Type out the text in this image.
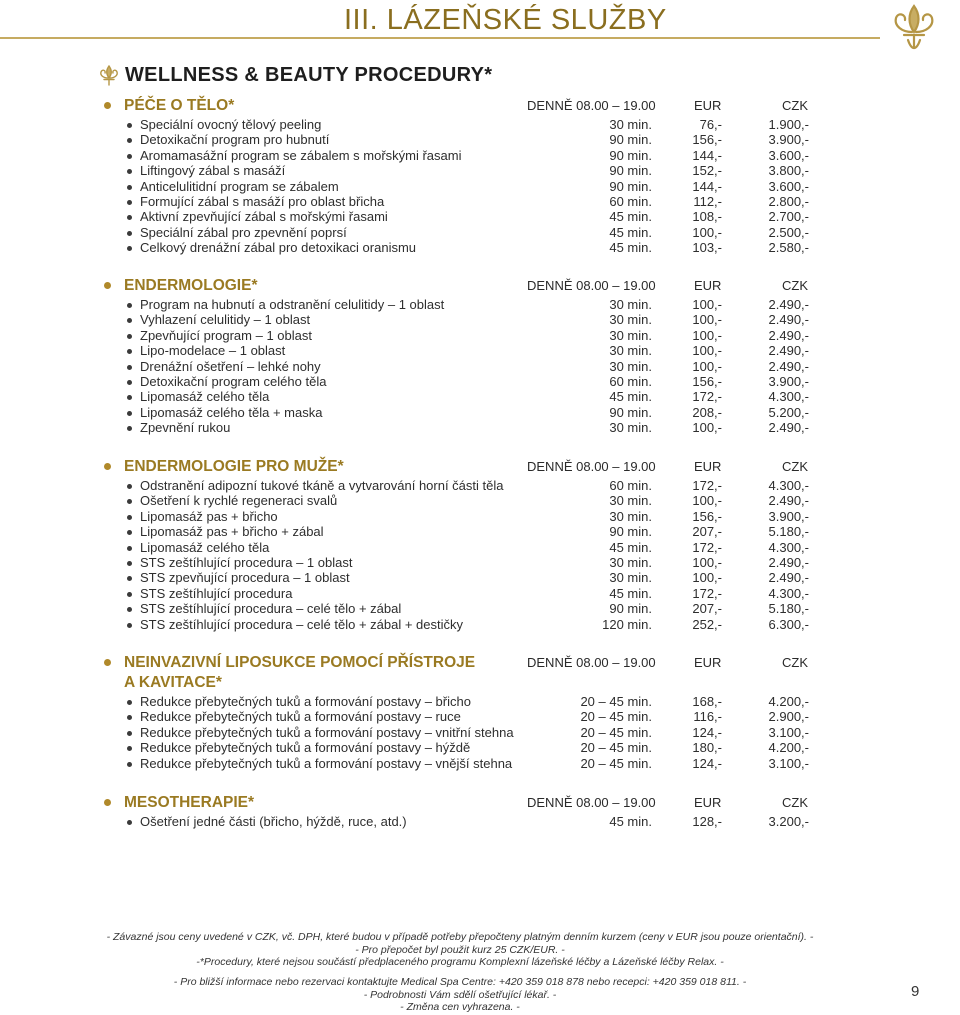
III. LÁZEŇSKÉ SLUŽBY
WELLNESS & BEAUTY PROCEDURY*
PÉČE O TĚLO*	DENNĚ 08.00 – 19.00	EUR	CZK
Speciální ovocný tělový peeling	30 min.	76,-	1.900,-
Detoxikační program pro hubnutí	90 min.	156,-	3.900,-
Aromamasážní program se zábalem s mořskými řasami	90 min.	144,-	3.600,-
Liftingový zábal s masáží	90 min.	152,-	3.800,-
Anticelulitidní program se zábalem	90 min.	144,-	3.600,-
Formující zábal s masáží pro oblast břicha	60 min.	112,-	2.800,-
Aktivní zpevňující zábal s mořskými řasami	45 min.	108,-	2.700,-
Speciální zábal pro zpevnění poprsí	45 min.	100,-	2.500,-
Celkový drenážní zábal pro detoxikaci oranismu	45 min.	103,-	2.580,-
ENDERMOLOGIE*	DENNĚ 08.00 – 19.00	EUR	CZK
Program na hubnutí a odstranění celulitidy – 1 oblast	30 min.	100,-	2.490,-
Vyhlazení celulitidy – 1 oblast	30 min.	100,-	2.490,-
Zpevňující program – 1 oblast	30 min.	100,-	2.490,-
Lipo-modelace – 1 oblast	30 min.	100,-	2.490,-
Drenážní ošetření – lehké nohy	30 min.	100,-	2.490,-
Detoxikační program celého těla	60 min.	156,-	3.900,-
Lipomasáž celého těla	45 min.	172,-	4.300,-
Lipomasáž celého těla + maska	90 min.	208,-	5.200,-
Zpevnění rukou	30 min.	100,-	2.490,-
ENDERMOLOGIE PRO MUŽE*	DENNĚ 08.00 – 19.00	EUR	CZK
Odstranění adipozní tukové tkáně a vytvarování horní části těla	60 min.	172,-	4.300,-
Ošetření k rychlé regeneraci svalů	30 min.	100,-	2.490,-
Lipomasáž pas + břicho	30 min.	156,-	3.900,-
Lipomasáž pas + břicho + zábal	90 min.	207,-	5.180,-
Lipomasáž celého těla	45 min.	172,-	4.300,-
STS zeštíhlující procedura – 1 oblast	30 min.	100,-	2.490,-
STS zpevňující procedura – 1 oblast	30 min.	100,-	2.490,-
STS zeštíhlující procedura	45 min.	172,-	4.300,-
STS zeštíhlující procedura – celé tělo + zábal	90 min.	207,-	5.180,-
STS zeštíhlující procedura – celé tělo + zábal + destičky	120 min.	252,-	6.300,-
NEINVAZIVNÍ LIPOSUKCE POMOCÍ PŘÍSTROJE	DENNĚ 08.00 – 19.00	EUR	CZK
A KAVITACE*
Redukce přebytečných tuků a formování postavy – břicho	20 – 45 min.	168,-	4.200,-
Redukce přebytečných tuků a formování postavy – ruce	20 – 45 min.	116,-	2.900,-
Redukce přebytečných tuků a formování postavy – vnitřní stehna	20 – 45 min.	124,-	3.100,-
Redukce přebytečných tuků a formování postavy – hýždě	20 – 45 min.	180,-	4.200,-
Redukce přebytečných tuků a formování postavy – vnější stehna	20 – 45 min.	124,-	3.100,-
MESOTHERAPIE*	DENNĚ 08.00 – 19.00	EUR	CZK
Ošetření jedné části (břicho, hýždě, ruce, atd.)	45 min.	128,-	3.200,-
- Závazné jsou ceny uvedené v CZK, vč. DPH, které budou v případě potřeby přepočteny platným denním kurzem (ceny v EUR jsou pouze orientační). -
- Pro přepočet byl použit kurz 25 CZK/EUR. -
-*Procedury, které nejsou součástí předplaceného programu Komplexní lázeňské léčby a Lázeňské léčby Relax. -
- Pro bližší informace nebo rezervaci kontaktujte Medical Spa Centre: +420 359 018 878 nebo recepci: +420 359 018 811. -
- Podrobnosti Vám sdělí ošetřující lékař. -
- Změna cen vyhrazena. -
9
